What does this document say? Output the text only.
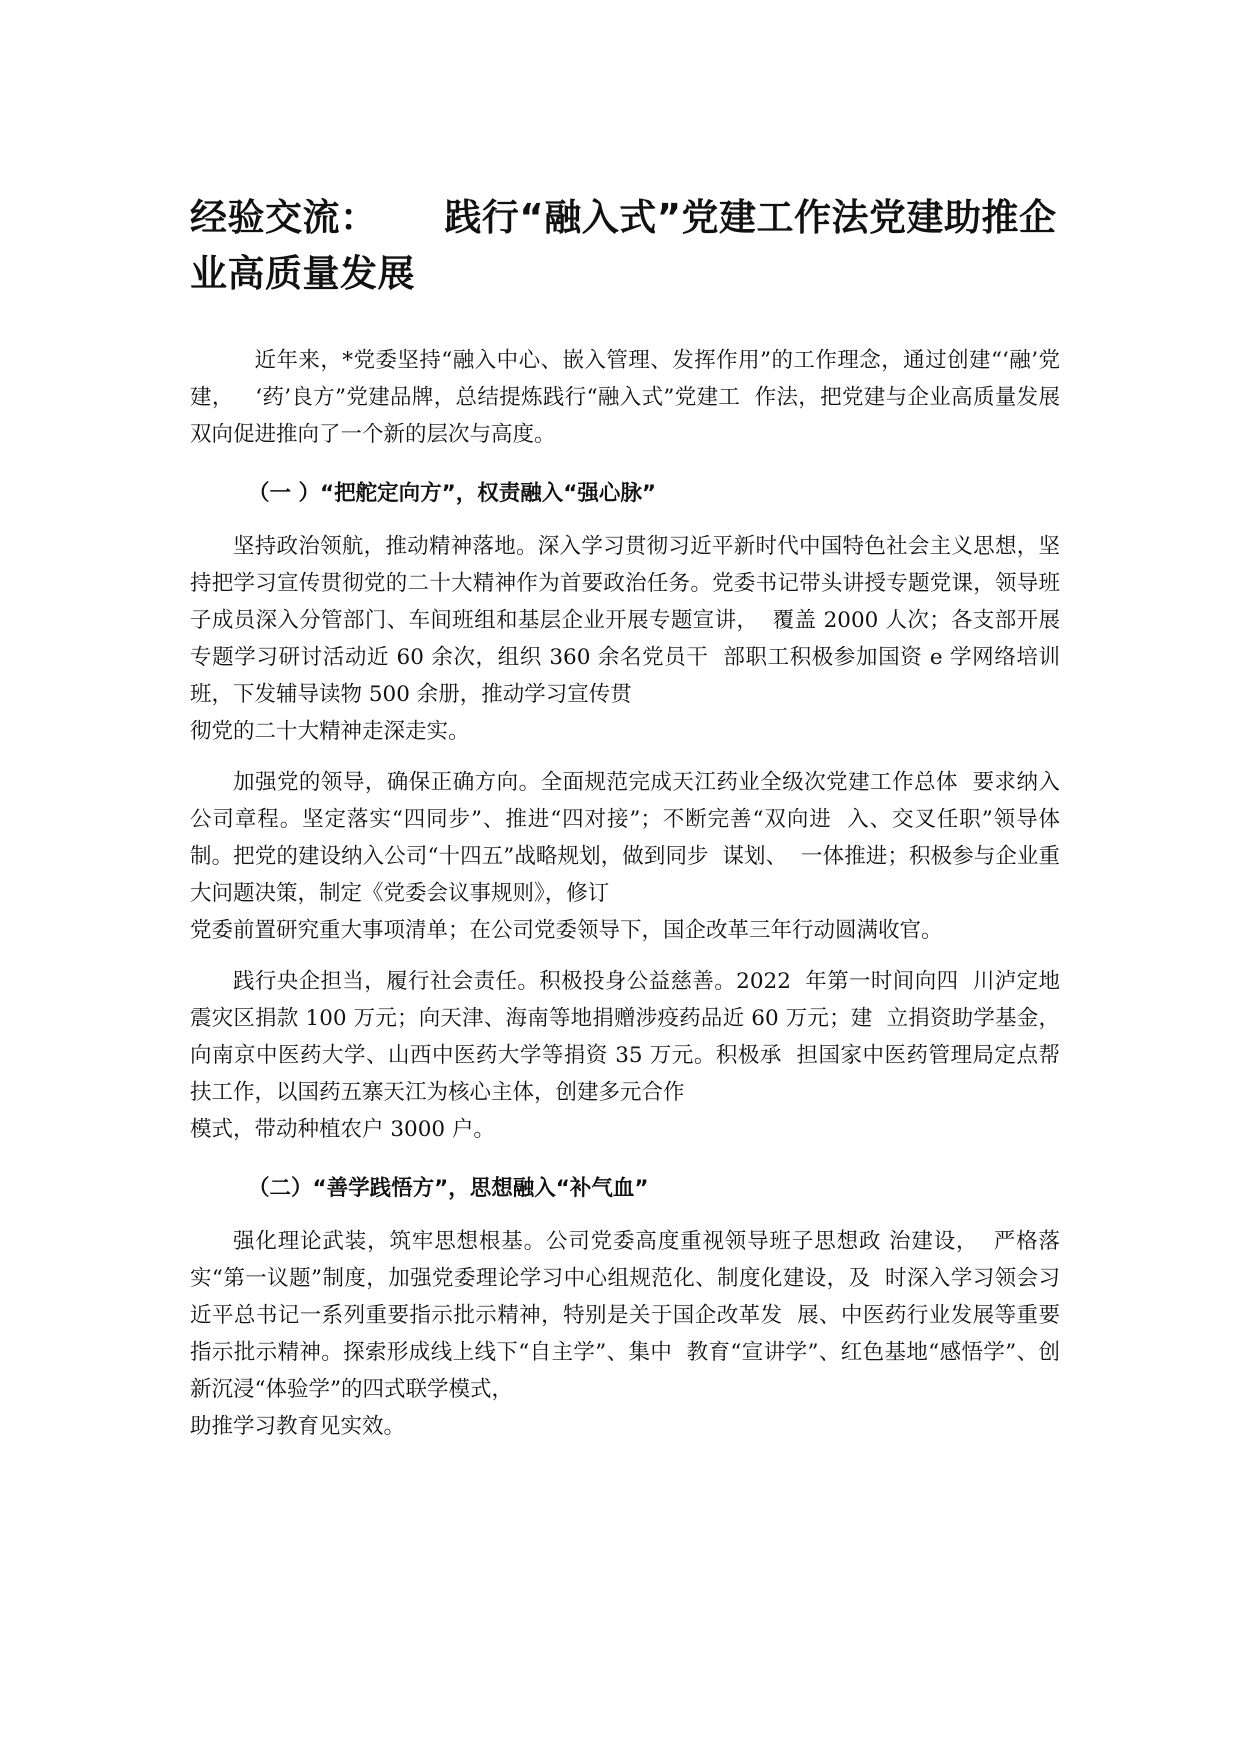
经验交流：     践行“融入式”党建工作法党建助推企业高质量发展

近年来，*党委坚持“融入中心、嵌入管理、发挥作用”的工作理念，通过创建“‘融’党建，   ‘药’良方”党建品牌，总结提炼践行“融入式”党建工  作法，把党建与企业高质量发展双向促进推向了一个新的层次与高度。

（一 ）“把舵定向方”，权责融入“强心脉”

坚持政治领航，推动精神落地。深入学习贯彻习近平新时代中国特色社会主义思想，坚持把学习宣传贯彻党的二十大精神作为首要政治任务。党委书记带头讲授专题党课，领导班子成员深入分管部门、车间班组和基层企业开展专题宣讲，  覆盖 2000 人次；各支部开展专题学习研讨活动近 60 余次，组织 360 余名党员干  部职工积极参加国资 e 学网络培训班，下发辅导读物 500 余册，推动学习宣传贯
彻党的二十大精神走深走实。

加强党的领导，确保正确方向。全面规范完成天江药业全级次党建工作总体  要求纳入公司章程。坚定落实“四同步”、推进“四对接”；不断完善“双向进  入、交叉任职”领导体制。把党的建设纳入公司“十四五”战略规划，做到同步  谋划、  一体推进；积极参与企业重大问题决策，制定《党委会议事规则》，修订
党委前置研究重大事项清单；在公司党委领导下，国企改革三年行动圆满收官。

践行央企担当，履行社会责任。积极投身公益慈善。2022  年第一时间向四  川泸定地震灾区捐款 100 万元；向天津、海南等地捐赠涉疫药品近 60 万元；建  立捐资助学基金，向南京中医药大学、山西中医药大学等捐资 35 万元。积极承  担国家中医药管理局定点帮扶工作，以国药五寨天江为核心主体，创建多元合作
模式，带动种植农户 3000 户。

（二）“善学践悟方”，思想融入“补气血”

强化理论武装，筑牢思想根基。公司党委高度重视领导班子思想政 治建设，  严格落实“第一议题”制度，加强党委理论学习中心组规范化、制度化建设，及  时深入学习领会习近平总书记一系列重要指示批示精神，特别是关于国企改革发  展、中医药行业发展等重要指示批示精神。探索形成线上线下“自主学”、集中  教育“宣讲学”、红色基地“感悟学”、创新沉浸“体验学”的四式联学模式，
助推学习教育见实效。
